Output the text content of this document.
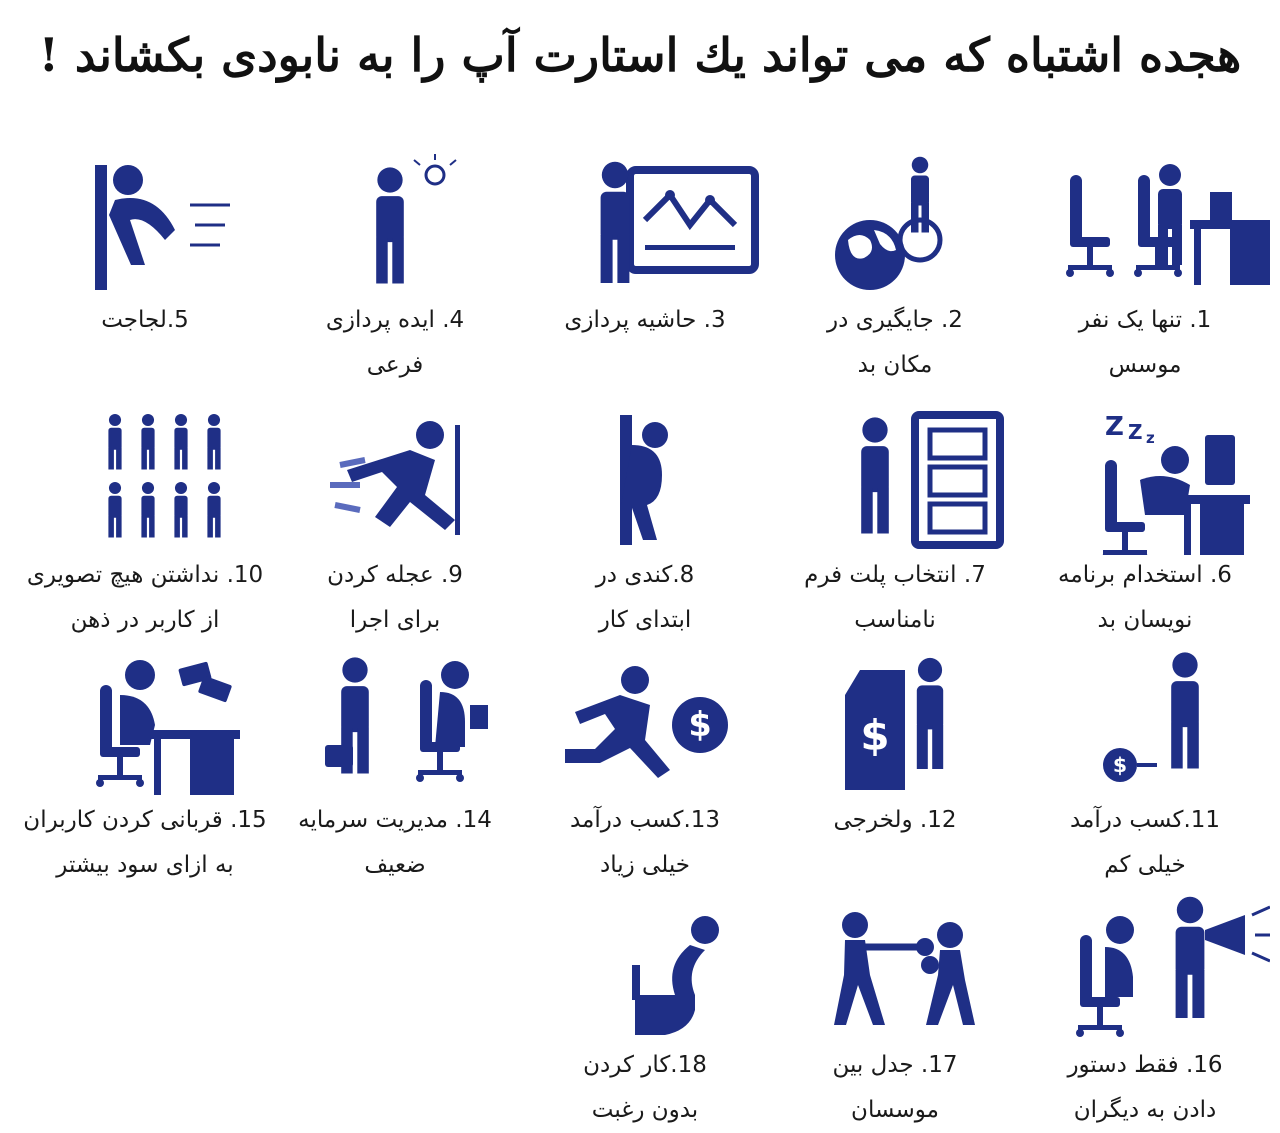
هجده اشتباه که می تواند یك استارت آپ را به نابودی بکشاند !
1. تنها یک نفر
موسس
2. جایگیری در
مکان بد
3. حاشیه پردازی
4. ایده پردازی
فرعی
5.لجاجت
Z Z z
6. استخدام برنامه
نویسان بد
7. انتخاب پلت فرم
نامناسب
8.کندی در
ابتدای کار
9. عجله کردن
برای اجرا
10. نداشتن هیچ تصویری
از کاربر در ذهن
$
11.کسب درآمد
خیلی کم
$
12. ولخرجی
$
13.کسب درآمد
خیلی زیاد
14. مدیریت سرمایه
ضعیف
15. قربانی کردن کاربران
به ازای سود بیشتر
16. فقط دستور
دادن به دیگران
17. جدل بین
موسسان
18.کار کردن
بدون رغبت
